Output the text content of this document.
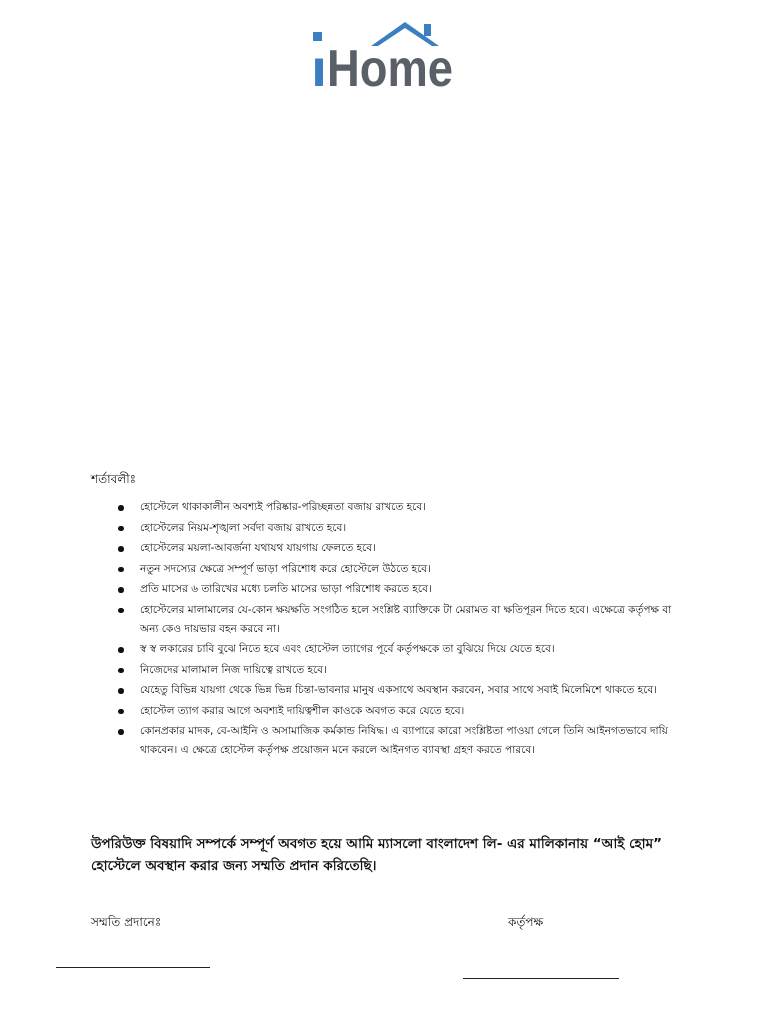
ı Home

শর্তাবলীঃ

হোস্টেলে থাকাকালীন অবশ্যই পরিষ্কার-পরিচ্ছন্নতা বজায় রাখতে হবে।
হোস্টেলের নিয়ম-শৃঙ্খলা সর্বদা বজায় রাখতে হবে।
হোস্টেলের ময়লা-আবর্জনা যথাযথ যায়গায় ফেলতে হবে।
নতুন সদস্যের ক্ষেত্রে সম্পূর্ণ ভাড়া পরিশোধ করে হোস্টেলে উঠতে হবে।
প্রতি মাসের ৬ তারিখের মধ্যে চলতি মাসের ভাড়া পরিশোধ করতে হবে।
হোস্টেলের মালামালের যে-কোন ক্ষয়ক্ষতি সংগঠিত হলে সংশ্লিষ্ট ব্যাক্তিকে টা মেরামত বা ক্ষতিপূরন দিতে হবে। এক্ষেত্রে কর্তৃপক্ষ বা অন্য কেও দায়ভার বহন করবে না।
স্ব স্ব লকারের চাবি বুঝে নিতে হবে এবং হোস্টেল ত্যাগের পূর্বে কর্তৃপক্ষকে তা বুঝিয়ে দিয়ে যেতে হবে।
নিজেদের মালামাল নিজ দায়িত্বে রাখতে হবে।
যেহেতু বিভিন্ন যায়গা থেকে ভিন্ন ভিন্ন চিন্তা-ভাবনার মানুষ একসাথে অবস্থান করবেন, সবার সাথে সবাই মিলেমিশে থাকতে হবে।
হোস্টেল ত্যাগ করার আগে অবশ্যই দায়িত্বশীল কাওকে অবগত করে যেতে হবে।
কোনপ্রকার মাদক, বে-আইনি ও অসামাজিক কর্মকান্ড নিষিদ্ধ। এ ব্যাপারে কারো সংশ্লিষ্টতা পাওয়া গেলে তিনি আইনগতভাবে দায়ি থাকবেন। এ ক্ষেত্রে হোস্টেল কর্তৃপক্ষ প্রয়োজন মনে করলে আইনগত ব্যাবস্থা গ্রহণ করতে পারবে।

উপরিউক্ত বিষয়াদি সম্পর্কে সম্পূর্ণ অবগত হয়ে আমি ম্যাসলো বাংলাদেশ লি- এর মালিকানায় “আই হোম” হোস্টেলে অবস্থান করার জন্য সম্মতি প্রদান করিতেছি।

সম্মতি প্রদানেঃ	কর্তৃপক্ষ
